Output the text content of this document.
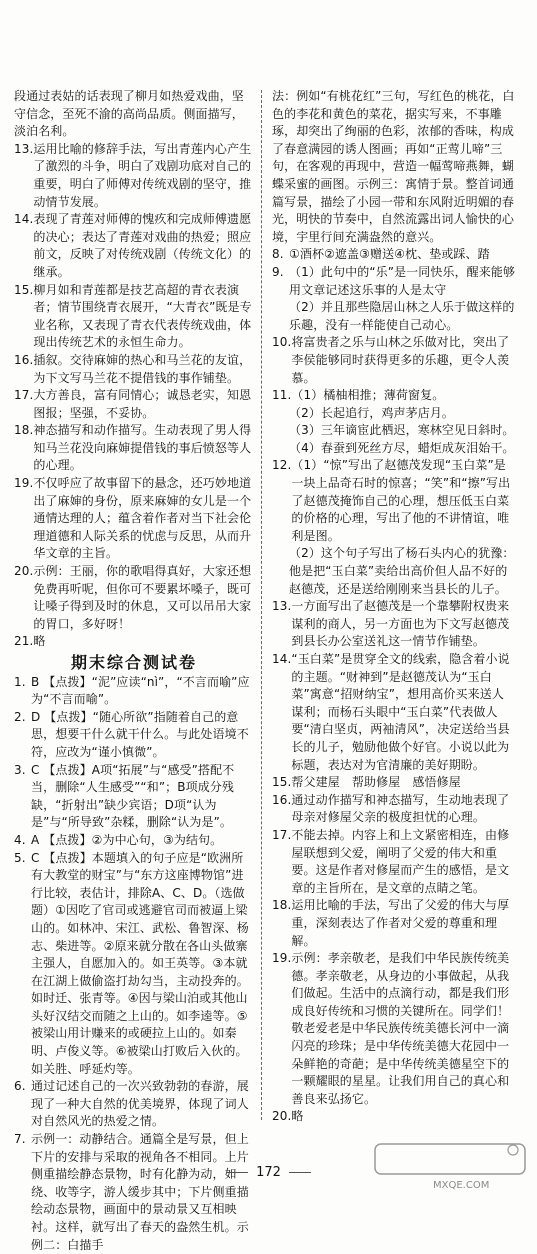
段通过表姑的话表现了柳月如热爱戏曲，坚守信念，至死不渝的高尚品质。侧面描写，淡泊名利。
13. 运用比喻的修辞手法，写出青莲内心产生了激烈的斗争，明白了戏剧功底对自己的重要，明白了师傅对传统戏剧的坚守，推动情节发展。
14. 表现了青莲对师傅的愧疚和完成师傅遗愿的决心；表达了青莲对戏曲的热爱；照应前文，反映了对传统戏剧（传统文化）的继承。
15. 柳月如和青莲都是技艺高超的青衣表演者；情节围绕青衣展开，“大青衣”既是专业名称，又表现了青衣代表传统戏曲，体现出传统艺术的永恒生命力。
16. 插叙。交待麻婶的热心和马兰花的友谊，为下文写马兰花不提借钱的事作铺垫。
17. 大方善良，富有同情心；诚恳老实，知恩图报；坚强，不妥协。
18. 神态描写和动作描写。生动表现了男人得知马兰花没向麻婶提借钱的事后愤怒等人的心理。
19. 不仅呼应了故事留下的悬念，还巧妙地道出了麻婶的身份，原来麻婶的女儿是一个通情达理的人；蕴含着作者对当下社会伦理道德和人际关系的忧虑与反思，从而升华文章的主旨。
20. 示例：王丽，你的歌唱得真好，大家还想免费再听呢，但你可不要累坏嗓子，既可让嗓子得到及时的休息，又可以吊吊大家的胃口，多好呀！
21. 略
期末综合测试卷
1. B 【点拨】“泥”应读“nì”，“不言而喻”应为“不言而喻”。
2. D 【点拨】“随心所欲”指随着自己的意思，想要干什么就干什么。与此处语境不符，应改为“谨小慎微”。
3. C 【点拨】A项“拓展”与“感受”搭配不当，删除“人生感受”“和”；B项成分残缺，“折射出”缺少宾语；D项“认为是”与“所导致”杂糅，删除“认为是”。
4. A 【点拨】②为中心句，③为结句。
5. C 【点拨】本题填入的句子应是“欧洲所有大教堂的财宝”与“东方这座博物馆”进行比较，表估计，排除A、C、D。（选做题）①因吃了官司或逃避官司而被逼上梁山的。如林冲、宋江、武松、鲁智深、杨志、柴进等。②原来就分散在各山头做寨主强人，自愿加入的。如王英等。③本就在江湖上做偷盗打劫勾当，主动投奔的。如时迁、张青等。④因与梁山泊或其他山头好汉结交而随之上山的。如李逵等。⑤被梁山用计赚来的或硬拉上山的。如秦明、卢俊义等。⑥被梁山打败后入伙的。如关胜、呼延灼等。
6. 通过记述自己的一次兴致勃勃的春游，展现了一种大自然的优美境界，体现了词人对自然风光的热爱之情。
7. 示例一：动静结合。通篇全是写景，但上下片的安排与采取的视角各不相同。上片侧重描绘静态景物，时有化静为动，如绕、收等字，游人缓步其中；下片侧重描绘动态景物，画面中的景动景又互相映衬。这样，就写出了春天的盎然生机。示例二：白描手
法：例如“有桃花红”三句，写红色的桃花，白色的李花和黄色的菜花，据实写来，不事雕琢，却突出了绚丽的色彩，浓郁的香味，构成了春意满园的诱人图画；再如“正莺儿啼”三句，在客观的再现中，营造一幅莺啼燕舞，蝴蝶采蜜的画图。示例三：寓情于景。整首词通篇写景，描绘了小园一带和东风附近明媚的春光，明快的节奏中，自然流露出词人愉快的心境，宇里行间充满盎然的意兴。
8. ①酒杯②遮盖③赠送④枕、垫或踩、踏
9. （1）此句中的“乐”是一同快乐，醒来能够用文章记述这乐事的人是太守
（2）并且那些隐居山林之人乐于做这样的乐趣，没有一样能使自己动心。
10. 将富贵者之乐与山林之乐做对比，突出了李侯能够同时获得更多的乐趣，更令人羡慕。
11. （1）橘柚相推；薄荷窗复。
（2）长起追行，鸡声茅店月。
（3）三年谪宦此栖迟，寒林空见日斜时。
（4）春蚕到死丝方尽，蜡炬成灰泪始干。
12. （1）“惊”写出了赵德茂发现“玉白菜”是一块上品奇石时的惊喜；“笑”和“擦”写出了赵德茂掩饰自己的心理，想压低玉白菜的价格的心理，写出了他的不讲情谊，唯利是图。
（2）这个句子写出了杨石头内心的犹豫：他是把“玉白菜”卖给出高价但人品不好的赵德茂，还是送给刚刚来当县长的儿子。
13. 一方面写出了赵德茂是一个靠攀附权贵来谋利的商人，另一方面也为下文写赵德茂到县长办公室送礼这一情节作铺垫。
14. “玉白菜”是贯穿全文的线索，隐含着小说的主题。“财神到”是赵德茂认为“玉白菜”寓意“招财纳宝”，想用高价买来送人谋利；而杨石头眼中“玉白菜”代表做人要“清白坚贞，两袖清风”，决定送给当县长的儿子，勉励他做个好官。小说以此为标题，表达对为官清廉的美好期盼。
15. 帮父建屋　帮助修屋　感悟修屋
16. 通过动作描写和神态描写，生动地表现了母亲对修屋父亲的极度担忧的心理。
17. 不能去掉。内容上和上文紧密相连，由修屋联想到父爱，阐明了父爱的伟大和重要。这是作者对修屋而产生的感悟，是文章的主旨所在，是文章的点睛之笔。
18. 运用比喻的手法，写出了父爱的伟大与厚重，深刻表达了作者对父爱的尊重和理解。
19. 示例：孝亲敬老，是我们中华民族传统美德。孝亲敬老，从身边的小事做起，从我们做起。生活中的点滴行动，都是我们形成良好传统和习惯的关键所在。同学们！敬老爱老是中华民族传统美德长河中一滴闪亮的珍珠；是中华传统美德大花园中一朵鲜艳的奇葩；是中华传统美德星空下的一颗耀眼的星星。让我们用自己的真心和善良来弘扬它。
20. 略
172
MXQE.COM
